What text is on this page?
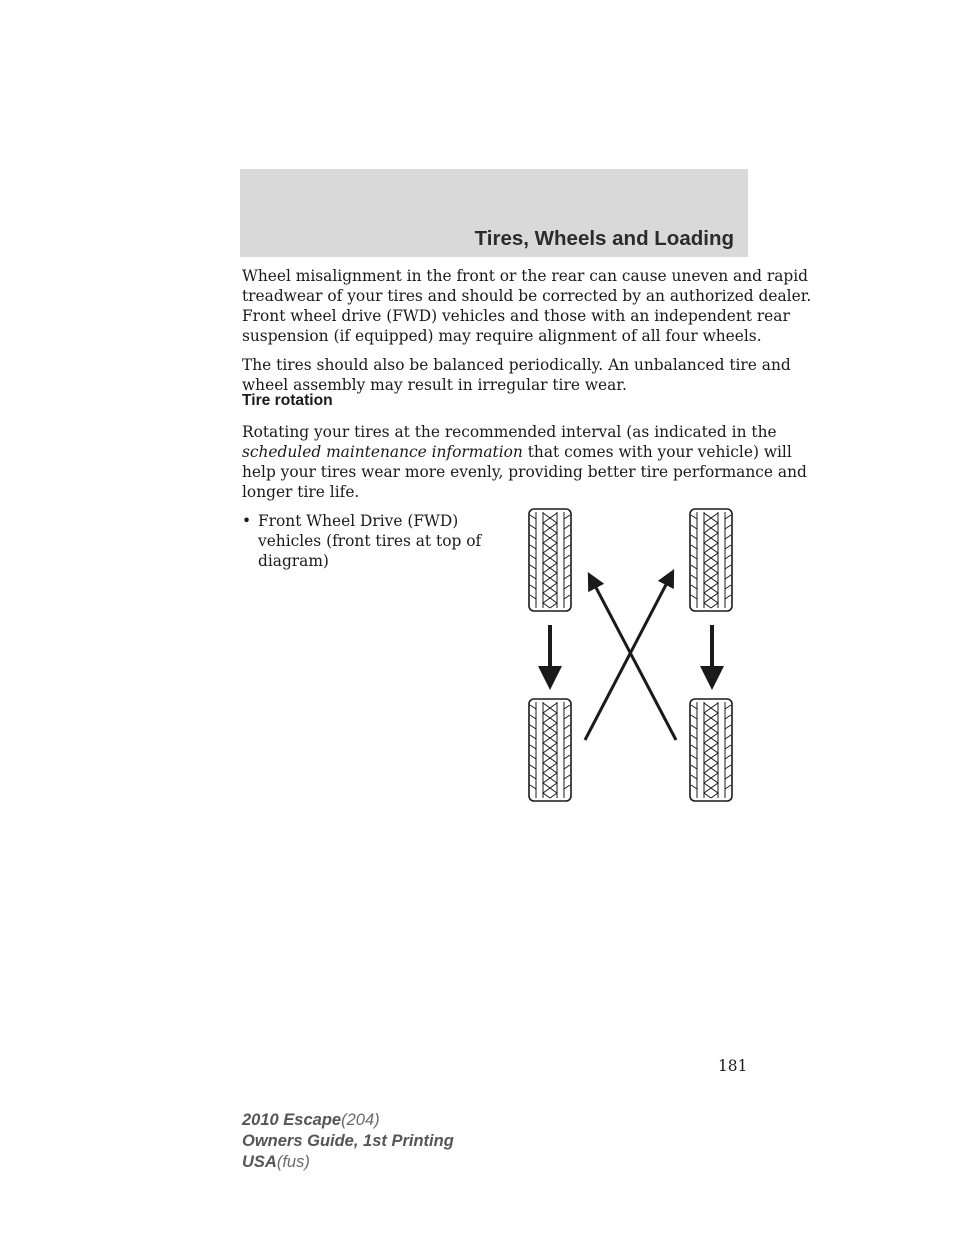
Tires, Wheels and Loading
Wheel misalignment in the front or the rear can cause uneven and rapid
treadwear of your tires and should be corrected by an authorized dealer.
Front wheel drive (FWD) vehicles and those with an independent rear
suspension (if equipped) may require alignment of all four wheels.
The tires should also be balanced periodically. An unbalanced tire and
wheel assembly may result in irregular tire wear.
Tire rotation
Rotating your tires at the recommended interval (as indicated in the
scheduled maintenance information that comes with your vehicle) will
help your tires wear more evenly, providing better tire performance and
longer tire life.
• Front Wheel Drive (FWD)
vehicles (front tires at top of
diagram)
181
2010 Escape(204)
Owners Guide, 1st Printing
USA(fus)
